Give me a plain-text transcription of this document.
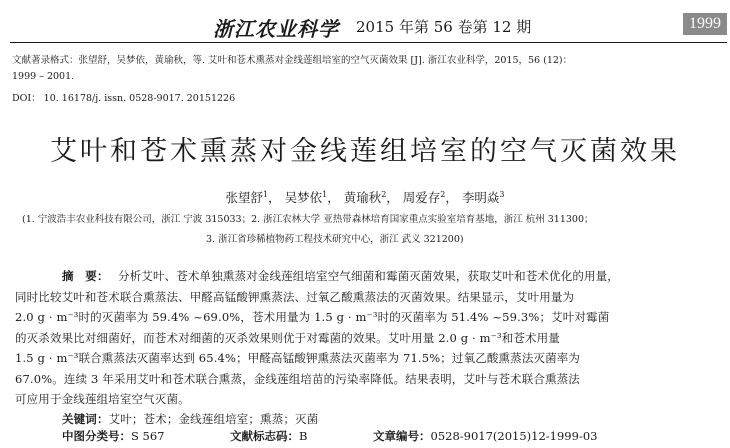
浙江农业科学 2015 年第 56 卷第 12 期	1999
文献著录格式：张望舒，吴梦依，黄瑜秋，等. 艾叶和苍术熏蒸对金线莲组培室的空气灭菌效果 [J]. 浙江农业科学，2015，56 (12)：
1999 – 2001.
DOI： 10. 16178/j. issn. 0528-9017. 20151226
艾叶和苍术熏蒸对金线莲组培室的空气灭菌效果
张望舒$^1$， 吴梦依$^1$， 黄瑜秋$^2$， 周爱存$^2$， 李明焱$^3$
(1. 宁波浩丰农业科技有限公司，浙江 宁波 315033；2. 浙江农林大学 亚热带森林培育国家重点实验室培育基地，浙江 杭州 311300；
3. 浙江省珍稀植物药工程技术研究中心，浙江 武义 321200)
摘　要： 分析艾叶、苍术单独熏蒸对金线莲组培室空气细菌和霉菌灭菌效果，获取艾叶和苍术优化的用量，
同时比较艾叶和苍术联合熏蒸法、甲醛高锰酸钾熏蒸法、过氧乙酸熏蒸法的灭菌效果。结果显示，艾叶用量为
2.0 g · m⁻³时的灭菌率为 59.4% ~69.0%，苍术用量为 1.5 g · m⁻³时的灭菌率为 51.4% ~59.3%；艾叶对霉菌
的灭杀效果比对细菌好，而苍术对细菌的灭杀效果则优于对霉菌的效果。艾叶用量 2.0 g · m⁻³和苍术用量
1.5 g · m⁻³联合熏蒸法灭菌率达到 65.4%；甲醛高锰酸钾熏蒸法灭菌率为 71.5%；过氧乙酸熏蒸法灭菌率为
67.0%。连续 3 年采用艾叶和苍术联合熏蒸，金线莲组培苗的污染率降低。结果表明，艾叶与苍术联合熏蒸法
可应用于金线莲组培室空气灭菌。
关键词：艾叶；苍术；金线莲组培室；熏蒸；灭菌
中图分类号：S 567	文献标志码：B	文章编号：0528-9017(2015)12-1999-03
